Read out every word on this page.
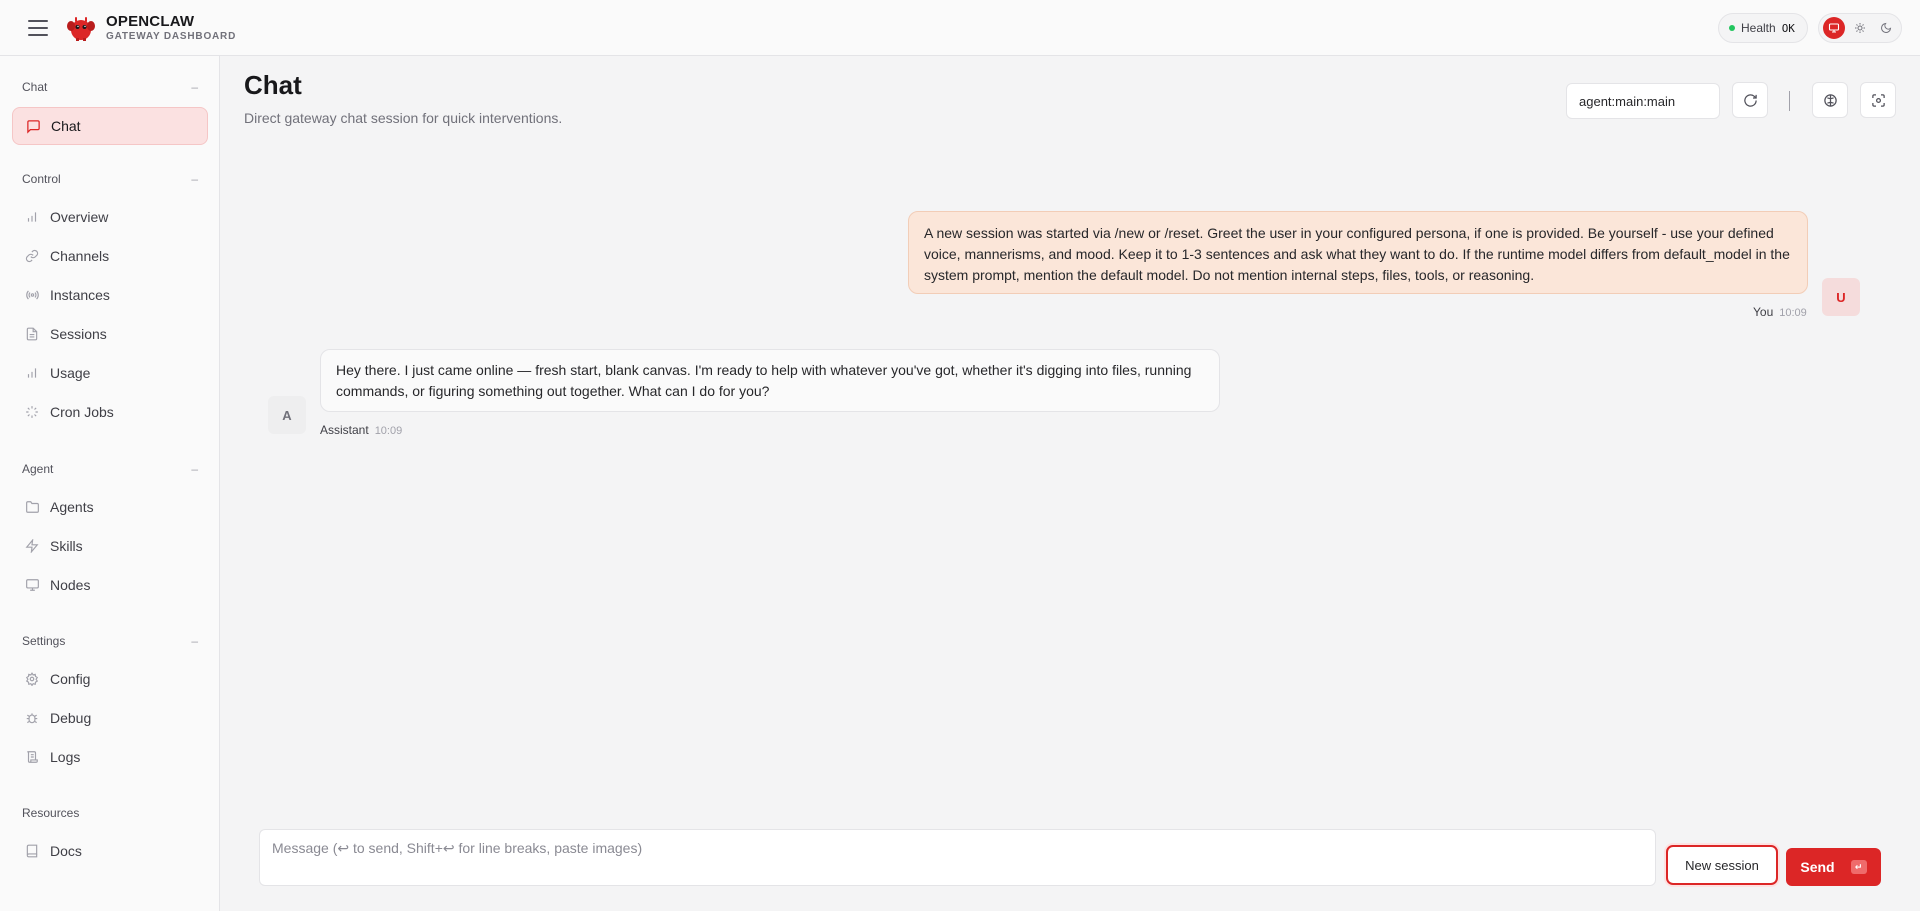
OPENCLAW
GATEWAY DASHBOARD
Health OK
Chat	–
Chat
Control	–
Overview
Channels
Instances
Sessions
Usage
Cron Jobs
Agent	–
Agents
Skills
Nodes
Settings	–
Config
Debug
Logs
Resources
Docs
Chat
Direct gateway chat session for quick interventions.
agent:main:main
A new session was started via /new or /reset. Greet the user in your configured persona, if one is provided. Be yourself - use your defined voice, mannerisms, and mood. Keep it to 1-3 sentences and ask what they want to do. If the runtime model differs from default_model in the system prompt, mention the default model. Do not mention internal steps, files, tools, or reasoning.
U
You 10:09
Hey there. I just came online — fresh start, blank canvas. I'm ready to help with whatever you've got, whether it's digging into files, running commands, or figuring something out together. What can I do for you?
A
Assistant 10:09
Message (↩ to send, Shift+↩ for line breaks, paste images)
New session	Send	↵
